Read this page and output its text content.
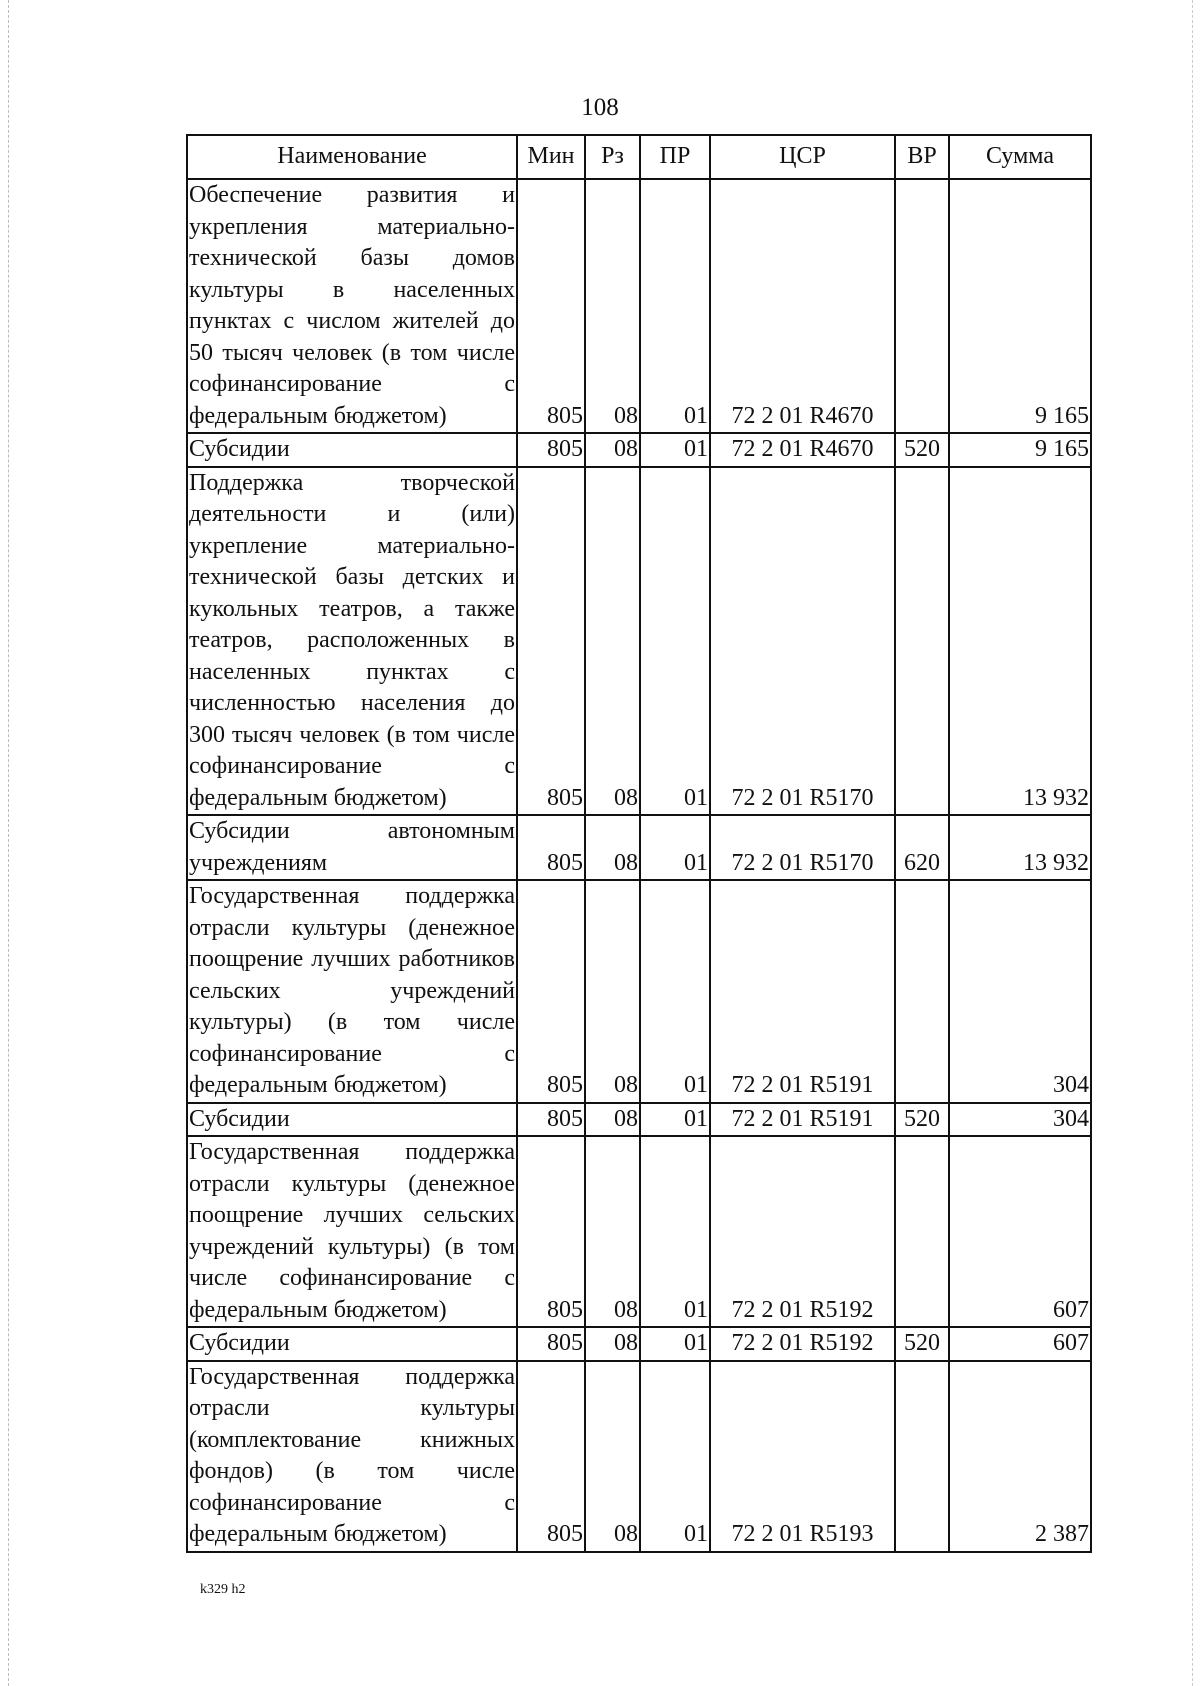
108
Наименование	Мин	Рз	ПР	ЦСР	ВР	Сумма
Обеспечение развития и укрепления материально-технической базы домов культуры в населенных пунктах с числом жителей до 50 тысяч человек (в том числе софинансирование с федеральным бюджетом)	805	08	01	72 2 01 R4670		9 165
Субсидии	805	08	01	72 2 01 R4670	520	9 165
Поддержка творческой деятельности и (или) укрепление материально-технической базы детских и кукольных театров, а также театров, расположенных в населенных пунктах с численностью населения до 300 тысяч человек (в том числе софинансирование с федеральным бюджетом)	805	08	01	72 2 01 R5170		13 932
Субсидии автономным учреждениям	805	08	01	72 2 01 R5170	620	13 932
Государственная поддержка отрасли культуры (денежное поощрение лучших работников сельских учреждений культуры) (в том числе софинансирование с федеральным бюджетом)	805	08	01	72 2 01 R5191		304
Субсидии	805	08	01	72 2 01 R5191	520	304
Государственная поддержка отрасли культуры (денежное поощрение лучших сельских учреждений культуры) (в том числе софинансирование с федеральным бюджетом)	805	08	01	72 2 01 R5192		607
Субсидии	805	08	01	72 2 01 R5192	520	607
Государственная поддержка отрасли культуры (комплектование книжных фондов) (в том числе софинансирование с федеральным бюджетом)	805	08	01	72 2 01 R5193		2 387
k329 h2
